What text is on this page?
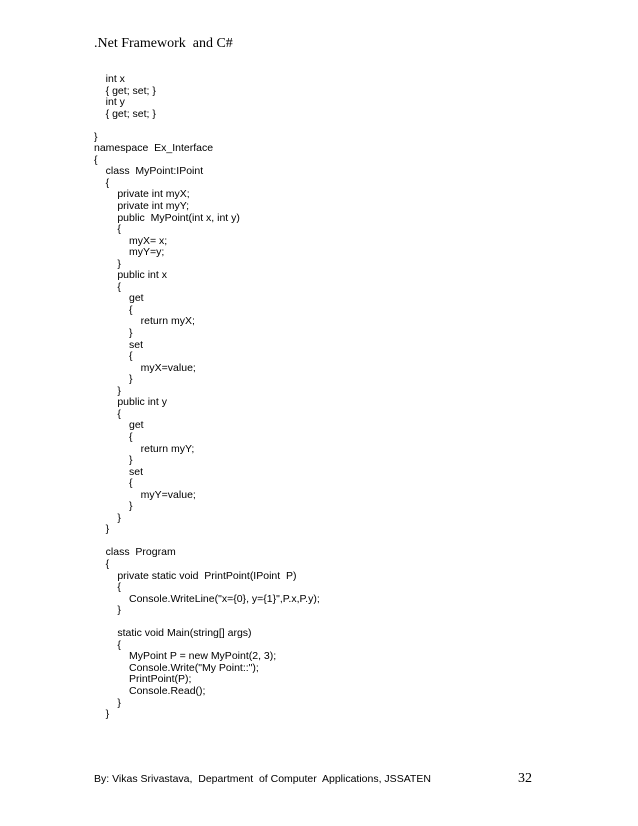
.Net Framework  and C#
int x
{ get; set; }
int y
{ get; set; }
}
namespace  Ex_Interface
{
class  MyPoint:IPoint
{
private int myX;
private int myY;
public  MyPoint(int x, int y)
{
myX= x;
myY=y;
}
public int x
{
get
{
return myX;
}
set
{
myX=value;
}
}
public int y
{
get
{
return myY;
}
set
{
myY=value;
}
}
}
class  Program
{
private static void  PrintPoint(IPoint  P)
{
Console.WriteLine("x={0}, y={1}",P.x,P.y);
}
static void Main(string[] args)
{
MyPoint P = new MyPoint(2, 3);
Console.Write("My Point::");
PrintPoint(P);
Console.Read();
}
}
By: Vikas Srivastava,  Department  of Computer  Applications, JSSATEN	32
